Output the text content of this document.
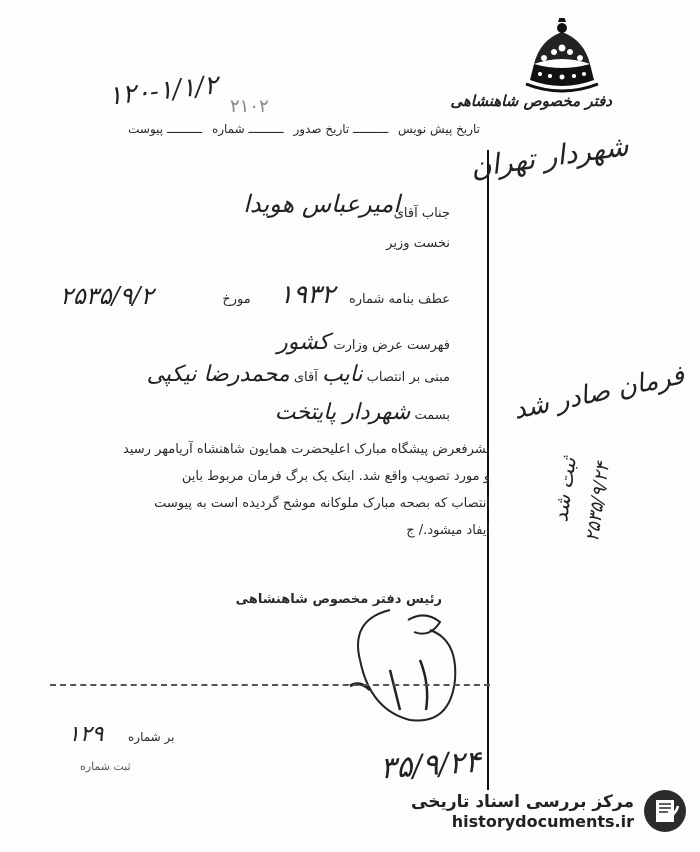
دفتر مخصوص شاهنشاهی
۱۲۰-۱/۱/۲ ۲۱۰۲
تاریخ پیش نویس ــــــــــ تاریخ صدور ــــــــــ شماره ــــــــــ پیوست
شهردار تهران
فرمان صادر شد
ثبت شد ۲۵۳۵/۹/۲۴
جناب آقای
امیرعباس هویدا
نخست وزیر
عطف بنامه شماره  مورخ	۱۹۳۲
۲۵۳۵/۹/۲
فهرست عرض وزارت کشور
مبنی بر انتصاب نایب آقای محمدرضا نیکپی
بسمت شهردار پایتخت
بشرفعرض پیشگاه مبارک اعلیحضرت همایون شاهنشاه آریامهر رسید
و مورد تصویب واقع شد. اینک یک برگ فرمان مربوط باین
انتصاب که بصحه مبارک ملوکانه موشح گردیده است به پیوست
ایفاد میشود./ ج
رئیس دفتر مخصوص شاهنشاهی
بر شماره
۱۲۹
ثبت شماره	۳۵/۹/۲۴
مرکز بررسی اسناد تاریخی
historydocuments.ir
